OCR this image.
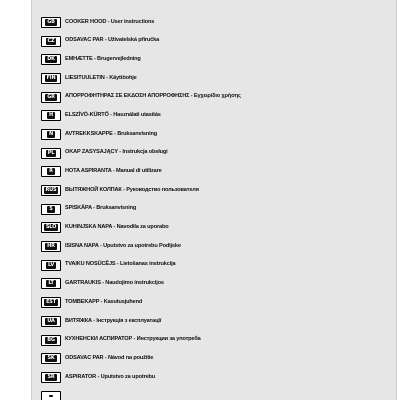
GB	COOKER HOOD - User instructions
CZ	ODSAVAC PAR - Uživatelská příručka
DK	EMHÆTTE - Brugervejledning
FIN	LIESITUULETIN - Käyttöohje
GR	ΑΠΟΡΡΟΦΗΤΗΡΑΣ ΣΕ ΕΚΔΟΣΗ ΑΠΟΡΡΟΦΗΣΗΣ - Εγχειρίδιο χρήσης
H	ELSZÍVÓ-KÜRTŐ - Használati utasítás
N	AVTREKKSKAPPE - Bruksanvisning
PL	OKAP ZASYSAJĄCY - Instrukcja obsługi
R	HOTA ASPIRANTA - Manual di utilizare
RUS	ВЫТЯЖНОЙ КОЛПАК - Руководство пользователя
S	SPISKÅPA - Bruksanvisning
SLO	KUHINJSKA NAPA - Navodila za uporabo
HR	ISISNA NAPA - Uputstvo za upotrebu Podijske
LV	TVAIKU NOSŪCĒJS - Lietošanas instrukcija
LT	GARTRAUKIS - Naudojimo instrukcijos
EST	TOMBEKAPP - Kasutusjuhend
UA	ВИТЯЖКА - Інструкція з експлуатації
BG	КУХНЕНСКИ АСПИРАТОР - Инструкции за употреба
SK	ODSAVAC PAR - Návod na použitie
SR	ASPIRATOR - Uputstvo za upotrebu
